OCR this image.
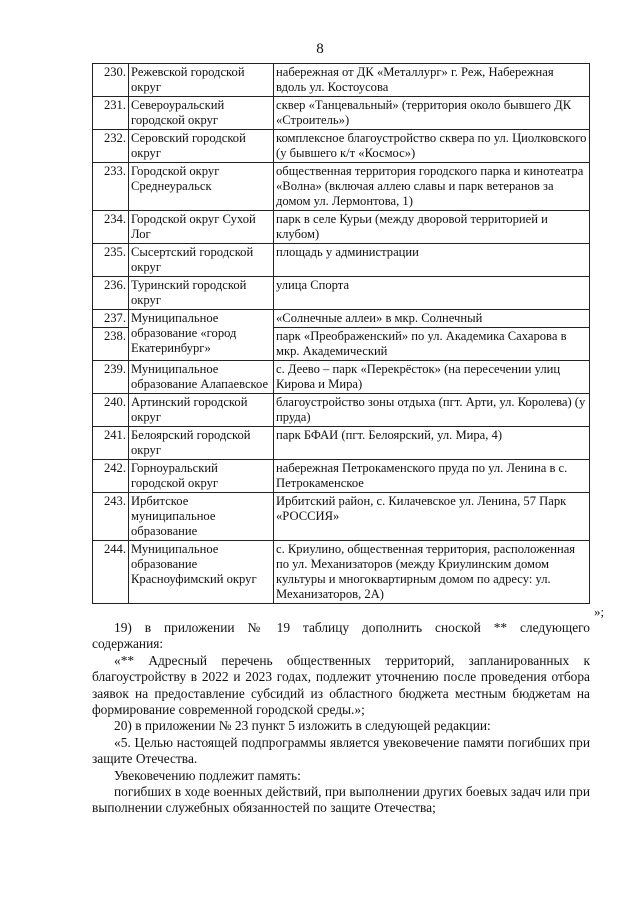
8
230.	Режевской городской округ	набережная от ДК «Металлург» г. Реж, Набережная вдоль ул. Костоусова
231.	Североуральский городской округ	сквер «Танцевальный» (территория около бывшего ДК «Строитель»)
232.	Серовский городской округ	комплексное благоустройство сквера по ул. Циолковского (у бывшего к/т «Космос»)
233.	Городской округ Среднеуральск	общественная территория городского парка и кинотеатра «Волна» (включая аллею славы и парк ветеранов за домом ул. Лермонтова, 1)
234.	Городской округ Сухой Лог	парк в селе Курьи (между дворовой территорией и клубом)
235.	Сысертский городской округ	площадь у администрации
236.	Туринский городской округ	улица Спорта
237.	Муниципальное образование «город Екатеринбург»	«Солнечные аллеи» в мкр. Солнечный
238.		парк «Преображенский» по ул. Академика Сахарова в мкр. Академический
239.	Муниципальное образование Алапаевское	с. Деево – парк «Перекрёсток» (на пересечении улиц Кирова и Мира)
240.	Артинский городской округ	благоустройство зоны отдыха (пгт. Арти, ул. Королева) (у пруда)
241.	Белоярский городской округ	парк БФАИ (пгт. Белоярский, ул. Мира, 4)
242.	Горноуральский городской округ	набережная Петрокаменского пруда по ул. Ленина в с. Петрокаменское
243.	Ирбитское муниципальное образование	Ирбитский район, с. Килачевское ул. Ленина, 57 Парк «РОССИЯ»
244.	Муниципальное образование Красноуфимский округ	с. Криулино, общественная территория, расположенная по ул. Механизаторов (между Криулинским домом культуры и многоквартирным домом по адресу: ул. Механизаторов, 2А)
»;

19) в приложении № 19 таблицу дополнить сноской ** следующего содержания:

«** Адресный перечень общественных территорий, запланированных к благоустройству в 2022 и 2023 годах, подлежит уточнению после проведения отбора заявок на предоставление субсидий из областного бюджета местным бюджетам на формирование современной городской среды.»;

20) в приложении № 23 пункт 5 изложить в следующей редакции:

«5. Целью настоящей подпрограммы является увековечение памяти погибших при защите Отечества.

Увековечению подлежит память:

погибших в ходе военных действий, при выполнении других боевых задач или при выполнении служебных обязанностей по защите Отечества;
